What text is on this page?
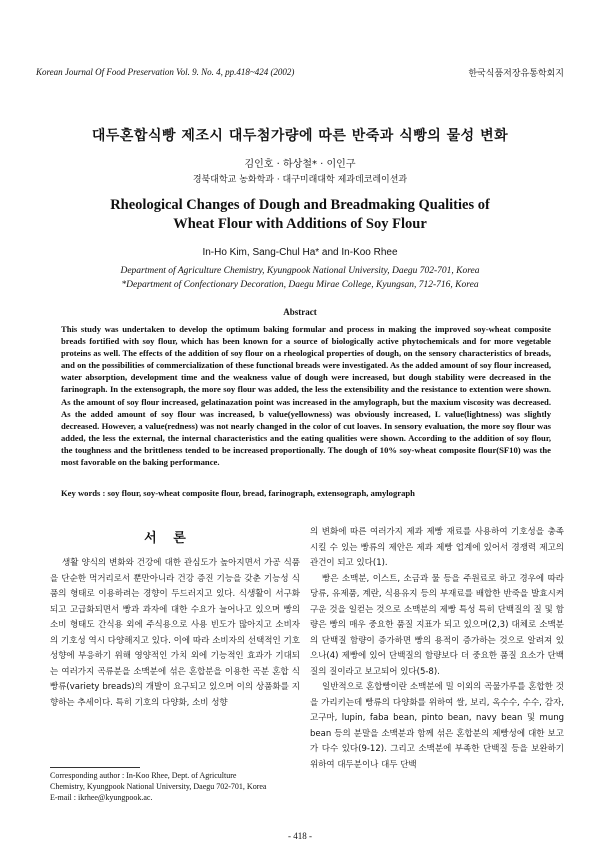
Korean Journal Of Food Preservation Vol. 9. No. 4, pp.418~424 (2002)	한국식품저장유통학회지
대두혼합식빵 제조시 대두첨가량에 따른 반죽과 식빵의 물성 변화
김인호 · 하상철* · 이인구
경북대학교 농화학과 · 대구미래대학 제과데코레이션과
Rheological Changes of Dough and Breadmaking Qualities of
Wheat Flour with Additions of Soy Flour
In-Ho Kim, Sang-Chul Ha* and In-Koo Rhee
Department of Agriculture Chemistry, Kyungpook National University, Daegu 702-701, Korea
*Department of Confectionary Decoration, Daegu Mirae College, Kyungsan, 712-716, Korea
Abstract
This study was undertaken to develop the optimum baking formular and process in making the improved soy-wheat composite breads fortified with soy flour, which has been known for a source of biologically active phytochemicals and for more vegetable proteins as well. The effects of the addition of soy flour on a rheological properties of dough, on the sensory characteristics of breads, and on the possibilities of commercialization of these functional breads were investigated. As the added amount of soy flour increased, water absorption, development time and the weakness value of dough were increased, but dough stability were decreased in the farinograph. In the extensograph, the more soy flour was added, the less the extensibility and the resistance to extention were shown. As the amount of soy flour increased, gelatinazation point was increased in the amylograph, but the maxium viscosity was decreased. As the added amount of soy flour was increased, b value(yellowness) was obviously increased, L value(lightness) was slightly decreased. However, a value(redness) was not nearly changed in the color of cut loaves. In sensory evaluation, the more soy flour was added, the less the external, the internal characteristics and the eating qualities were shown. According to the addition of soy flour, the toughness and the brittleness tended to be increased proportionally. The dough of 10% soy-wheat composite flour(SF10) was the most favorable on the baking performance.
Key words : soy flour, soy-wheat composite flour, bread, farinograph, extensograph, amylograph
서 론

생활 양식의 변화와 건강에 대한 관심도가 높아지면서 가공 식품을 단순한 먹거리로서 뿐만아니라 건강 증진 기능을 갖춘 기능성 식품의 형태로 이용하려는 경향이 두드러지고 있다. 식생활이 서구화되고 고급화되면서 빵과 과자에 대한 수요가 늘어나고 있으며 빵의 소비 형태도 간식용 외에 주식용으로 사용 빈도가 많아지고 소비자의 기호성 역시 다양해지고 있다. 이에 따라 소비자의 선택적인 기호 성향에 부응하기 위해 영양적인 가치 외에 기능적인 효과가 기대되는 여러가지 곡류분을 소맥분에 섞은 혼합분을 이용한 곡분 혼합 식빵류(variety breads)의 개발이 요구되고 있으며 이의 상품화를 지향하는 추세이다. 특히 기호의 다양화, 소비 성향

의 변화에 따른 여러가지 제과 제빵 재료를 사용하여 기호성을 충족시킬 수 있는 빵류의 제안은 제과 제빵 업계에 있어서 경쟁력 제고의 관건이 되고 있다(1).

빵은 소맥분, 이스트, 소금과 물 등을 주원료로 하고 경우에 따라 당류, 유제품, 계란, 식용유지 등의 부재료를 배합한 반죽을 발효시켜 구운 것을 일컫는 것으로 소맥분의 제빵 특성 특히 단백질의 질 및 함량은 빵의 매우 중요한 품질 지표가 되고 있으며(2,3) 대체로 소맥분의 단백질 함량이 증가하면 빵의 용적이 증가하는 것으로 알려져 있으나(4) 제빵에 있어 단백질의 함량보다 더 중요한 품질 요소가 단백질의 질이라고 보고되어 있다(5-8).

일반적으로 혼합빵이란 소맥분에 밀 이외의 곡물가루를 혼합한 것을 가리키는데 빵류의 다양화를 위하여 쌀, 보리, 옥수수, 수수, 감자, 고구마, lupin, faba bean, pinto bean, navy bean 및 mung bean 등의 분말을 소맥분과 함께 섞은 혼합분의 제빵성에 대한 보고가 다수 있다(9-12). 그리고 소맥분에 부족한 단백질 등을 보완하기 위하여 대두분이나 대두 단백

Corresponding author : In-Koo Rhee, Dept. of Agriculture
Chemistry, Kyungpook National University, Daegu 702-701, Korea
E-mail : ikrhee@kyungpook.ac.
- 418 -
